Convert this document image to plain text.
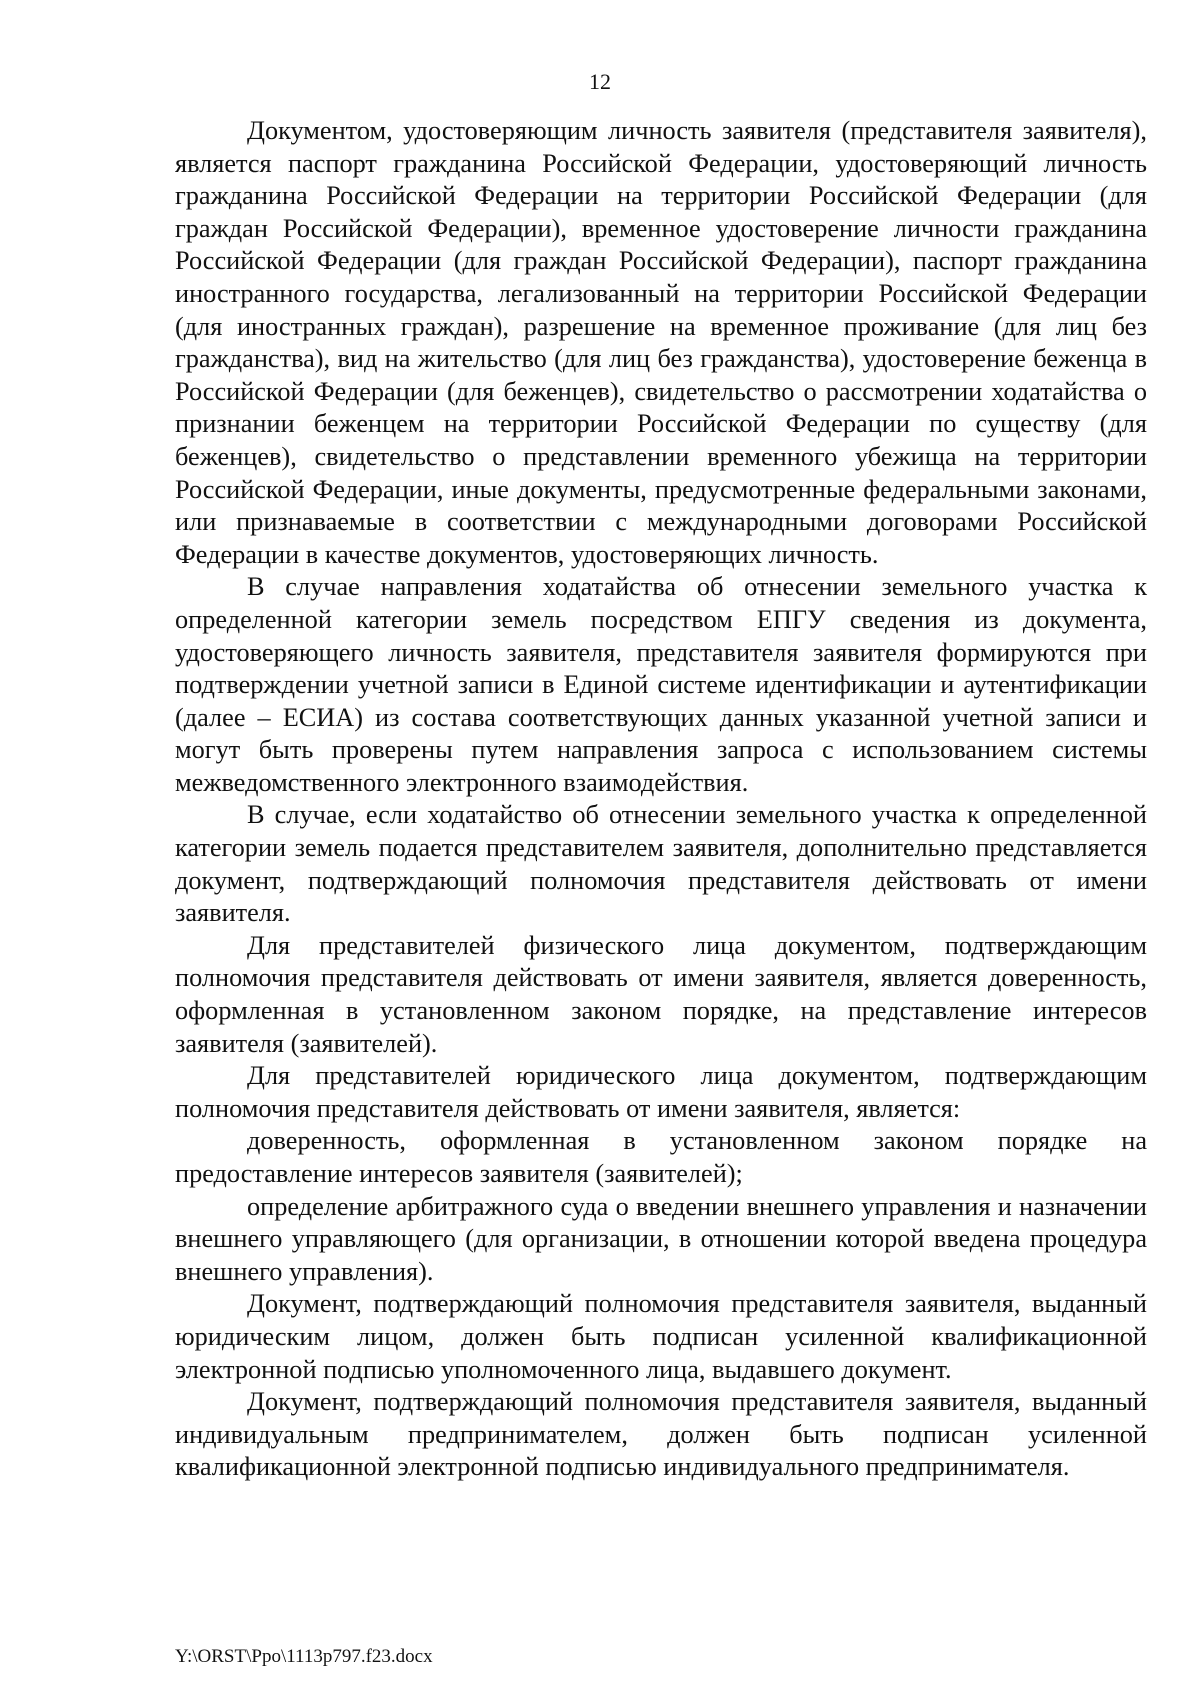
12

Документом, удостоверяющим личность заявителя (представителя заявителя), является паспорт гражданина Российской Федерации, удостоверяющий личность гражданина Российской Федерации на территории Российской Федерации (для граждан Российской Федерации), временное удостоверение личности гражданина Российской Федерации (для граждан Российской Федерации), паспорт гражданина иностранного государства, легализованный на территории Российской Федерации (для иностранных граждан), разрешение на временное проживание (для лиц без гражданства), вид на жительство (для лиц без гражданства), удостоверение беженца в Российской Федерации (для беженцев), свидетельство о рассмотрении ходатайства о признании беженцем на территории Российской Федерации по существу (для беженцев), свидетельство о представлении временного убежища на территории Российской Федерации, иные документы, предусмотренные федеральными законами, или признаваемые в соответствии с международными договорами Российской Федерации в качестве документов, удостоверяющих личность.

В случае направления ходатайства об отнесении земельного участка к определенной категории земель посредством ЕПГУ сведения из документа, удостоверяющего личность заявителя, представителя заявителя формируются при подтверждении учетной записи в Единой системе идентификации и аутентификации (далее – ЕСИА) из состава соответствующих данных указанной учетной записи и могут быть проверены путем направления запроса с использованием системы межведомственного электронного взаимодействия.

В случае, если ходатайство об отнесении земельного участка к определенной категории земель подается представителем заявителя, дополнительно представляется документ, подтверждающий полномочия представителя действовать от имени заявителя.

Для представителей физического лица документом, подтверждающим полномочия представителя действовать от имени заявителя, является доверенность, оформленная в установленном законом порядке, на представление интересов заявителя (заявителей).

Для представителей юридического лица документом, подтверждающим полномочия представителя действовать от имени заявителя, является:

доверенность, оформленная в установленном законом порядке на предоставление интересов заявителя (заявителей);

определение арбитражного суда о введении внешнего управления и назначении внешнего управляющего (для организации, в отношении которой введена процедура внешнего управления).

Документ, подтверждающий полномочия представителя заявителя, выданный юридическим лицом, должен быть подписан усиленной квалификационной электронной подписью уполномоченного лица, выдавшего документ.

Документ, подтверждающий полномочия представителя заявителя, выданный индивидуальным предпринимателем, должен быть подписан усиленной квалификационной электронной подписью индивидуального предпринимателя.

Y:\ORST\Ppo\1113p797.f23.docx
